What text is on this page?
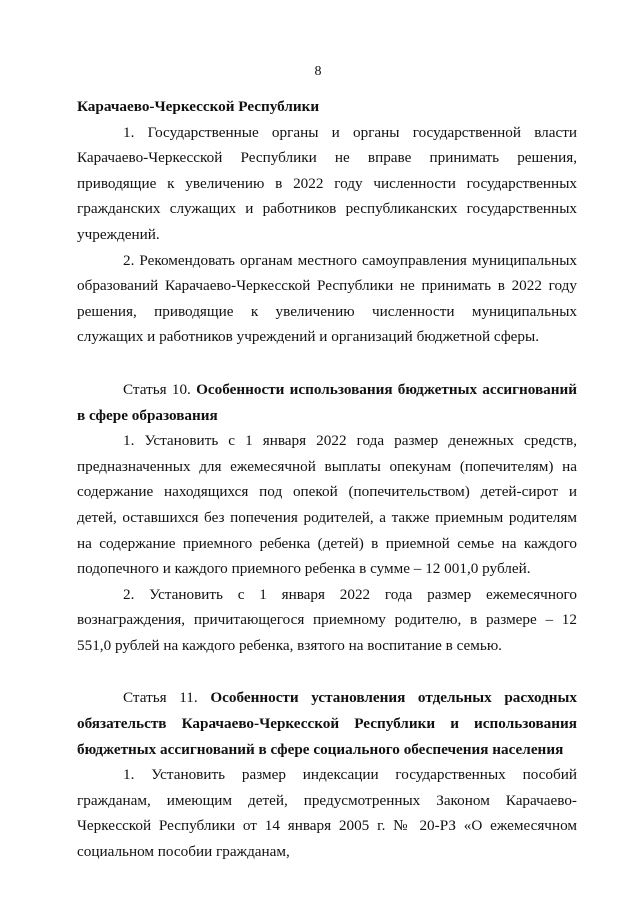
8

Карачаево-Черкесской Республики

1. Государственные органы и органы государственной власти Карачаево-Черкесской Республики не вправе принимать решения, приводящие к увеличению в 2022 году численности государственных гражданских служащих и работников республиканских государственных учреждений.

2. Рекомендовать органам местного самоуправления муниципальных образований Карачаево-Черкесской Республики не принимать в 2022 году решения, приводящие к увеличению численности муниципальных служащих и работников учреждений и организаций бюджетной сферы.

Статья 10. Особенности использования бюджетных ассигнований в сфере образования

1. Установить с 1 января 2022 года размер денежных средств, предназначенных для ежемесячной выплаты опекунам (попечителям) на содержание находящихся под опекой (попечительством) детей-сирот и детей, оставшихся без попечения родителей, а также приемным родителям на содержание приемного ребенка (детей) в приемной семье на каждого подопечного и каждого приемного ребенка в сумме – 12 001,0 рублей.

2. Установить с 1 января 2022 года размер ежемесячного вознаграждения, причитающегося приемному родителю, в размере – 12 551,0 рублей на каждого ребенка, взятого на воспитание в семью.

Статья 11. Особенности установления отдельных расходных обязательств Карачаево-Черкесской Республики и использования бюджетных ассигнований в сфере социального обеспечения населения

1. Установить размер индексации государственных пособий гражданам, имеющим детей, предусмотренных Законом Карачаево-Черкесской Республики от 14 января 2005 г. № 20-РЗ «О ежемесячном социальном пособии гражданам,
